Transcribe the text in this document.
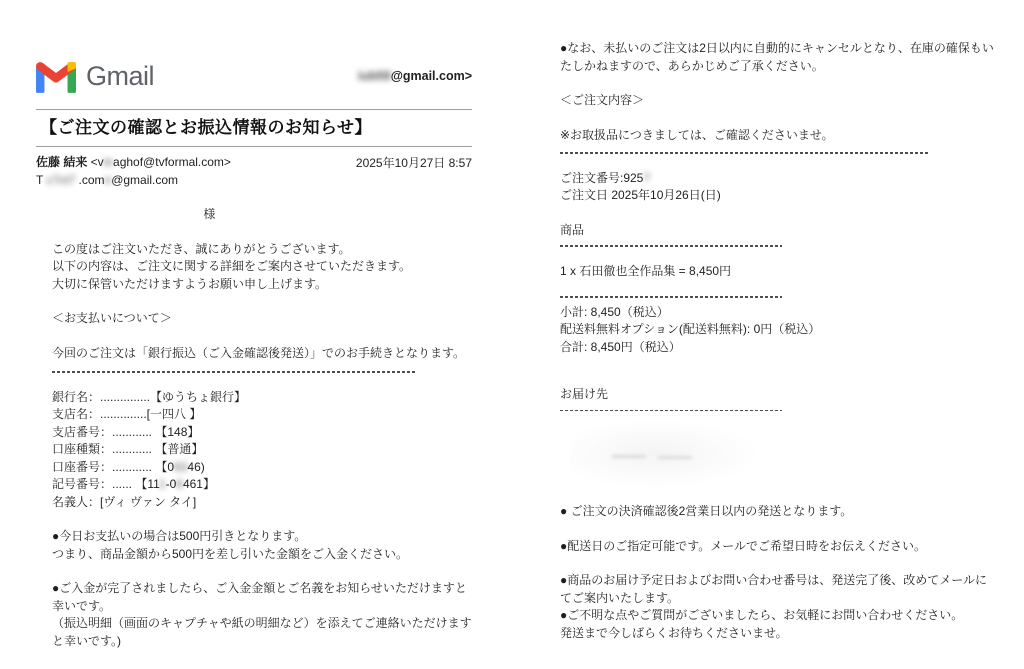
Gmail	iub59@gmail.com>
【ご注文の確認とお振込情報のお知らせ】
佐藤 結来 <vinaghof@tvformal.com>
T c7ct7 .comn@gmail.com
2025年10月27日 8:57
様
この度はご注文いただき、誠にありがとうございます。
以下の内容は、ご注文に関する詳細をご案内させていただきます。
大切に保管いただけますようお願い申し上げます。
＜お支払いについて＞
今回のご注文は「銀行振込（ご入金確認後発送）」でのお手続きとなります。
銀行名：...............【ゆうちょ銀行】
支店名：..............[一四八 】
支店番号：............ 【148】
口座種類：............ 【普通】
口座番号：............ 【06346)
記号番号：...... 【111-06461】
名義人：[ヴィ ヴァン タイ]
●今日お支払いの場合は500円引きとなります。
つまり、商品金額から500円を差し引いた金額をご入金ください。
●ご入金が完了されましたら、ご入金金額とご名義をお知らせいただけますと幸いです。
（振込明細（画面のキャプチャや紙の明細など）を添えてご連絡いただけますと幸いです。)
●なお、未払いのご注文は2日以内に自動的にキャンセルとなり、在庫の確保もいたしかねますので、あらかじめご了承ください。
＜ご注文内容＞
※お取扱品につきましては、ご確認くださいませ。
ご注文番号:9257
ご注文日 2025年10月26日(日)
商品
1 x 石田徹也全作品集 = 8,450円
小計: 8,450（税込）
配送料無料オプション(配送料無料): 0円（税込）
合計: 8,450円（税込）
お届け先
● ご注文の決済確認後2営業日以内の発送となります。
●配送日のご指定可能です。メールでご希望日時をお伝えください。
●商品のお届け予定日およびお問い合わせ番号は、発送完了後、改めてメールにてご案内いたします。
●ご不明な点やご質問がございましたら、お気軽にお問い合わせください。
発送まで今しばらくお待ちくださいませ。
